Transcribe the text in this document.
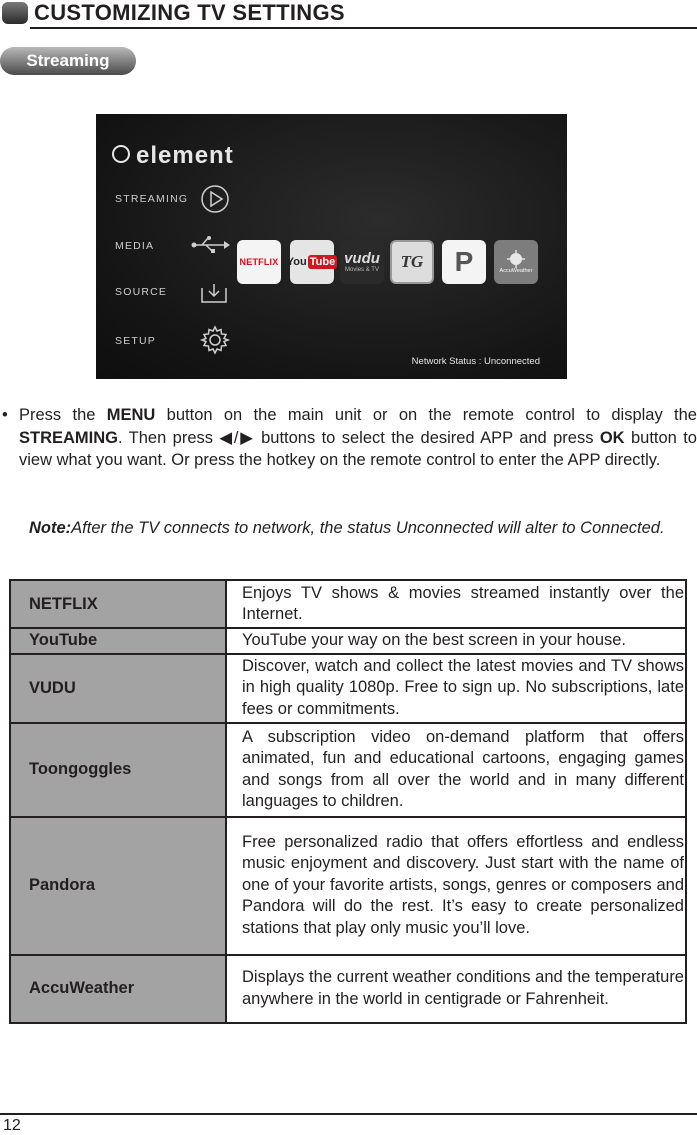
CUSTOMIZING TV SETTINGS
Streaming
element
STREAMING
MEDIA
SOURCE
SETUP
NETFLIX You Tube vudu
Movies & TV TG P	AccuWeather
Network Status : Unconnected
• Press the MENU button on the main unit or on the remote control to display the STREAMING. Then press ◀/▶ buttons to select the desired APP and press OK button to view what you want. Or press the hotkey on the remote control to enter the APP directly.
Note:After the TV connects to network, the status Unconnected will alter to Connected.
NETFLIX	Enjoys TV shows & movies streamed instantly over the Internet.
YouTube	YouTube your way on the best screen in your house.
VUDU	Discover, watch and collect the latest movies and TV shows in high quality 1080p. Free to sign up. No subscriptions, late fees or commitments.
Toongoggles	A subscription video on-demand platform that offers animated, fun and educational cartoons, engaging games and songs from all over the world and in many different languages to children.
Pandora	Free personalized radio that offers effortless and endless music enjoyment and discovery. Just start with the name of one of your favorite artists, songs, genres or composers and Pandora will do the rest. It’s easy to create personalized stations that play only music you’ll love.
AccuWeather	Displays the current weather conditions and the temperature anywhere in the world in centigrade or Fahrenheit.
12
